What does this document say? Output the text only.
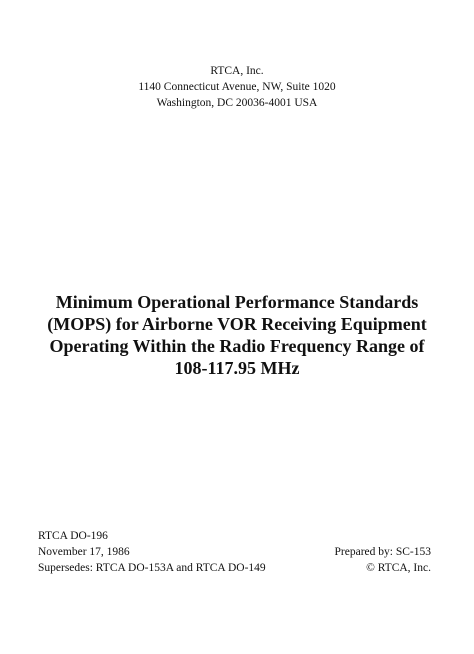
RTCA, Inc.
1140 Connecticut Avenue, NW, Suite 1020
Washington, DC 20036-4001 USA
Minimum Operational Performance Standards
(MOPS) for Airborne VOR Receiving Equipment
Operating Within the Radio Frequency Range of
108-117.95 MHz
RTCA DO-196
November 17, 1986
Supersedes: RTCA DO-153A and RTCA DO-149
Prepared by: SC-153
© RTCA, Inc.
